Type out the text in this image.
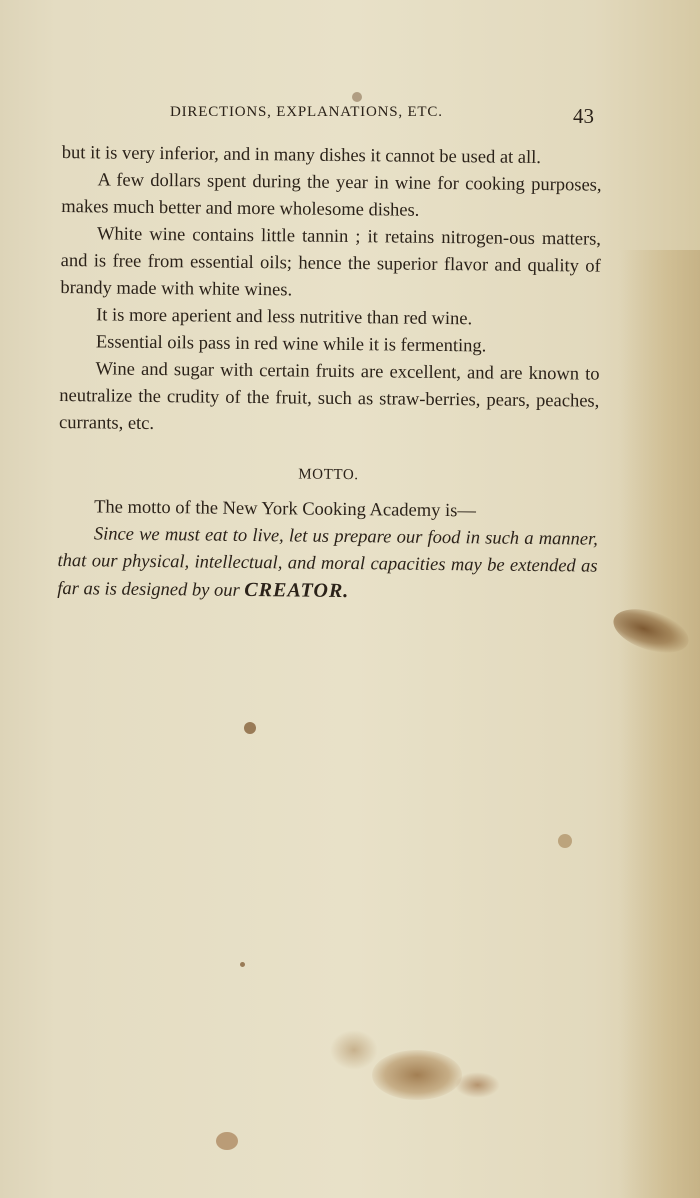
DIRECTIONS, EXPLANATIONS, ETC.	43

but it is very inferior, and in many dishes it cannot be used at all.

A few dollars spent during the year in wine for cooking purposes, makes much better and more wholesome dishes.

White wine contains little tannin ; it retains nitrogen-ous matters, and is free from essential oils; hence the superior flavor and quality of brandy made with white wines.

It is more aperient and less nutritive than red wine.

Essential oils pass in red wine while it is fermenting.

Wine and sugar with certain fruits are excellent, and are known to neutralize the crudity of the fruit, such as straw-berries, pears, peaches, currants, etc.

MOTTO.

The motto of the New York Cooking Academy is—

Since we must eat to live, let us prepare our food in such a manner, that our physical, intellectual, and moral capacities may be extended as far as is designed by our CREATOR.
